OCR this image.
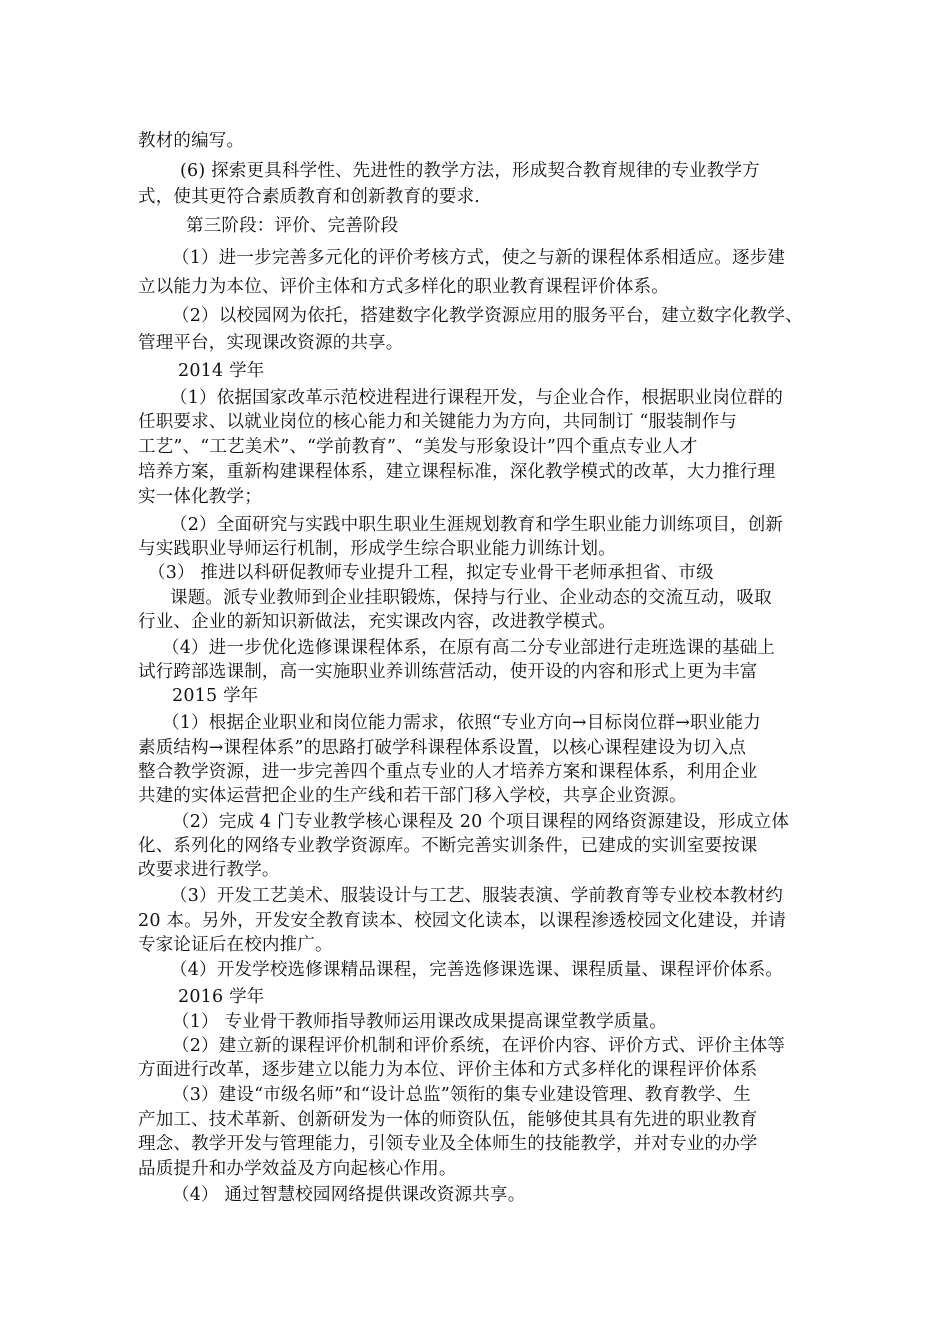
教材的编写。

(6) 探索更具科学性、先进性的教学方法，形成契合教育规律的专业教学方

式，使其更符合素质教育和创新教育的要求.

第三阶段：评价、完善阶段

（1）进一步完善多元化的评价考核方式，使之与新的课程体系相适应。逐步建

立以能力为本位、评价主体和方式多样化的职业教育课程评价体系。

（2）以校园网为依托，搭建数字化教学资源应用的服务平台，建立数字化教学、

管理平台，实现课改资源的共享。

2014 学年

（1）依据国家改革示范校进程进行课程开发，与企业合作，根据职业岗位群的

任职要求、以就业岗位的核心能力和关键能力为方向，共同制订 “服装制作与

工艺”、“工艺美术”、“学前教育”、“美发与形象设计”四个重点专业人才

培养方案，重新构建课程体系，建立课程标准，深化教学模式的改革，大力推行理

实一体化教学；

（2）全面研究与实践中职生职业生涯规划教育和学生职业能力训练项目，创新

与实践职业导师运行机制，形成学生综合职业能力训练计划。

（3） 推进以科研促教师专业提升工程，拟定专业骨干老师承担省、市级

课题。派专业教师到企业挂职锻炼，保持与行业、企业动态的交流互动，吸取

行业、企业的新知识新做法，充实课改内容，改进教学模式。

（4）进一步优化选修课课程体系，在原有高二分专业部进行走班选课的基础上

试行跨部选课制，高一实施职业养训练营活动，使开设的内容和形式上更为丰富

2015 学年

（1）根据企业职业和岗位能力需求，依照“专业方向→目标岗位群→职业能力

素质结构→课程体系”的思路打破学科课程体系设置，以核心课程建设为切入点

整合教学资源，进一步完善四个重点专业的人才培养方案和课程体系，利用企业

共建的实体运营把企业的生产线和若干部门移入学校，共享企业资源。

（2）完成 4 门专业教学核心课程及 20 个项目课程的网络资源建设，形成立体

化、系列化的网络专业教学资源库。不断完善实训条件，已建成的实训室要按课

改要求进行教学。

（3）开发工艺美术、服装设计与工艺、服装表演、学前教育等专业校本教材约

20 本。另外，开发安全教育读本、校园文化读本，以课程渗透校园文化建设，并请

专家论证后在校内推广。

（4）开发学校选修课精品课程，完善选修课选课、课程质量、课程评价体系。

2016 学年

（1） 专业骨干教师指导教师运用课改成果提高课堂教学质量。

（2）建立新的课程评价机制和评价系统，在评价内容、评价方式、评价主体等

方面进行改革，逐步建立以能力为本位、评价主体和方式多样化的课程评价体系

（3）建设“市级名师”和“设计总监”领衔的集专业建设管理、教育教学、生

产加工、技术革新、创新研发为一体的师资队伍，能够使其具有先进的职业教育

理念、教学开发与管理能力，引领专业及全体师生的技能教学，并对专业的办学

品质提升和办学效益及方向起核心作用。

（4） 通过智慧校园网络提供课改资源共享。
